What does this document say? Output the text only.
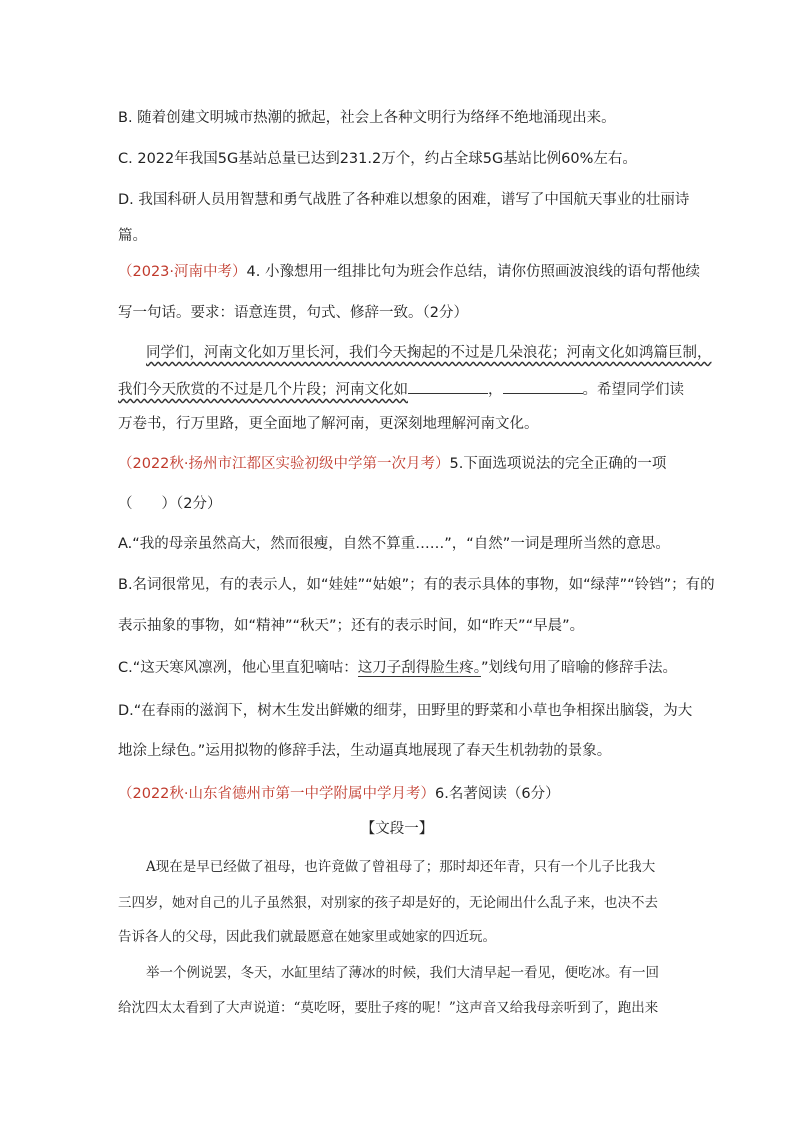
B. 随着创建文明城市热潮的掀起，社会上各种文明行为络绎不绝地涌现出来。
C. 2022年我国5G基站总量已达到231.2万个，约占全球5G基站比例60%左右。
D. 我国科研人员用智慧和勇气战胜了各种难以想象的困难，谱写了中国航天事业的壮丽诗
篇。
（2023·河南中考）4. 小豫想用一组排比句为班会作总结，请你仿照画波浪线的语句帮他续
写一句话。要求：语意连贯，句式、修辞一致。（2分）
同学们，河南文化如万里长河，我们今天掬起的不过是几朵浪花；河南文化如鸿篇巨制，
我们今天欣赏的不过是几个片段；河南文化如	，	。希望同学们读
万卷书，行万里路，更全面地了解河南，更深刻地理解河南文化。
（2022秋·扬州市江都区实验初级中学第一次月考）5.下面选项说法的完全正确的一项
（　　）（2分）
A.“我的母亲虽然高大，然而很瘦，自然不算重……”，“自然”一词是理所当然的意思。
B.名词很常见，有的表示人，如“娃娃”“姑娘”；有的表示具体的事物，如“绿萍”“铃铛”；有的
表示抽象的事物，如“精神”“秋天”；还有的表示时间，如“昨天”“早晨”。
C.“这天寒风凛冽，他心里直犯嘀咕：这刀子刮得脸生疼。”划线句用了暗喻的修辞手法。
D.“在春雨的滋润下，树木生发出鲜嫩的细芽，田野里的野菜和小草也争相探出脑袋，为大
地涂上绿色。”运用拟物的修辞手法，生动逼真地展现了春天生机勃勃的景象。
（2022秋·山东省德州市第一中学附属中学月考）6.名著阅读（6分）
【文段一】
A现在是早已经做了祖母，也许竟做了曾祖母了；那时却还年青，只有一个儿子比我大
三四岁，她对自己的儿子虽然狠，对别家的孩子却是好的，无论闹出什么乱子来，也决不去
告诉各人的父母，因此我们就最愿意在她家里或她家的四近玩。
举一个例说罢，冬天，水缸里结了薄冰的时候，我们大清早起一看见，便吃冰。有一回
给沈四太太看到了大声说道：“莫吃呀，要肚子疼的呢！”这声音又给我母亲听到了，跑出来
